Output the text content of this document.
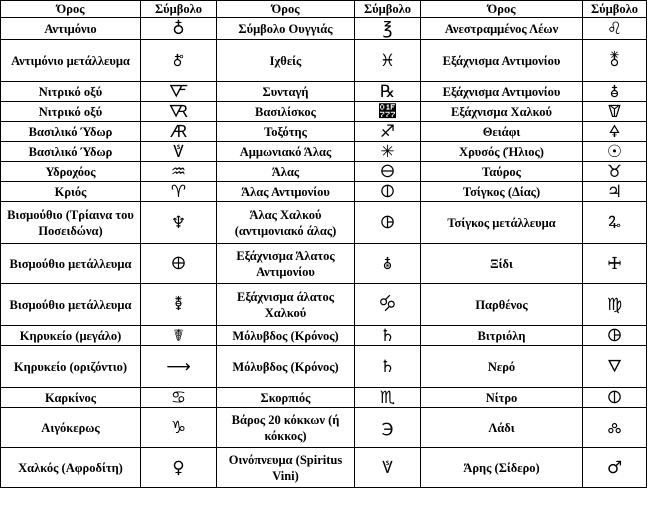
Όρος	Σύμβολο	Όρος	Σύμβολο	Όρος	Σύμβολο
Αντιμόνιο	♁	Σύμβολο Ουγγιάς	℥	Ανεστραμμένος Λέων	♌
Αντιμόνιο μετάλλευμα	🜫	Ιχθείς	♓	Εξάχνισμα Αντιμονίου	🜬
Νιτρικό οξύ	🜅	Συνταγή	℞	Εξάχνισμα Αντιμονίου	🜭
Νιτρικό οξύ	🜆	Βασιλίσκος	🝷	Εξάχνισμα Χαλκού	🝩
Βασιλικό Ύδωρ	🜇	Τοξότης	♐	Θειάφι	🜍
Βασιλικό Ύδωρ	🜈	Αμμωνιακό Άλας	✳	Χρυσός (Ήλιος)	☉
Υδροχόος	♒	Άλας	🜔	Ταύρος	♉
Κριός	♈	Άλας Αντιμονίου	🜕	Τσίγκος (Δίας)	♃
Βισμούθιο (Τρίαινα του Ποσειδώνα)	♆	Άλας Χαλκού (αντιμονιακό άλας)	🜖	Τσίγκος μετάλλευμα	🜩
Βισμούθιο μετάλλευμα	🜨	Εξάχνισμα Άλατος Αντιμονίου	🜯	Ξίδι	🜊
Βισμούθιο μετάλλευμα	🜧	Εξάχνισμα άλατος Χαλκού	🝰	Παρθένος	♍
Κηρυκείο (μεγάλο)	☤	Μόλυβδος (Κρόνος)	♄	Βιτριόλη	🜖
Κηρυκείο (οριζόντιο)	⟶	Μόλυβδος (Κρόνος)	♄	Νερό	🜄
Καρκίνος	♋	Σκορπιός	♏	Νίτρο	🜕
Αιγόκερως	♑	Βάρος 20 κόκκων (ή κόκκος)	℈	Λάδι	🝆
Χαλκός (Αφροδίτη)	♀	Οινόπνευμα (Spiritus Vini)	🜈	Άρης (Σίδερο)	♂
